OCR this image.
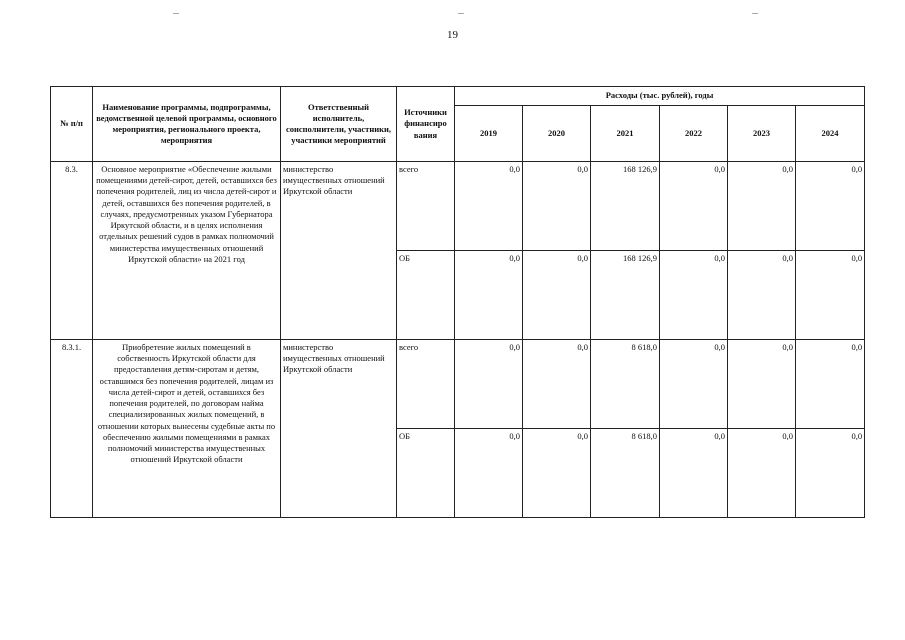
19
№ п/п	Наименование программы, подпрограммы, ведомственной целевой программы, основного мероприятия, регионального проекта, мероприятия	Ответственный исполнитель, соисполнители, участники, участники мероприятий	Источники финансиро вания	Расходы (тыс. рублей), годы					
				2019	2020	2021	2022	2023	2024
8.3.	Основное мероприятие «Обеспечение жилыми помещениями детей-сирот, детей, оставшихся без попечения родителей, лиц из числа детей-сирот и детей, оставшихся без попечения родителей, в случаях, предусмотренных указом Губернатора Иркутской области, и в целях исполнения отдельных решений судов в рамках полномочий министерства имущественных отношений Иркутской области» на 2021 год	министерство имущественных отношений Иркутской области	всего	0,0	0,0	168 126,9	0,0	0,0	0,0
			ОБ	0,0	0,0	168 126,9	0,0	0,0	0,0
8.3.1.	Приобретение жилых помещений в собственность Иркутской области для предоставления детям-сиротам и детям, оставшимся без попечения родителей, лицам из числа детей-сирот и детей, оставшихся без попечения родителей, по договорам найма специализированных жилых помещений, в отношении которых вынесены судебные акты по обеспечению жилыми помещениями в рамках полномочий министерства имущественных отношений Иркутской области	министерство имущественных отношений Иркутской области	всего	0,0	0,0	8 618,0	0,0	0,0	0,0
			ОБ	0,0	0,0	8 618,0	0,0	0,0	0,0
